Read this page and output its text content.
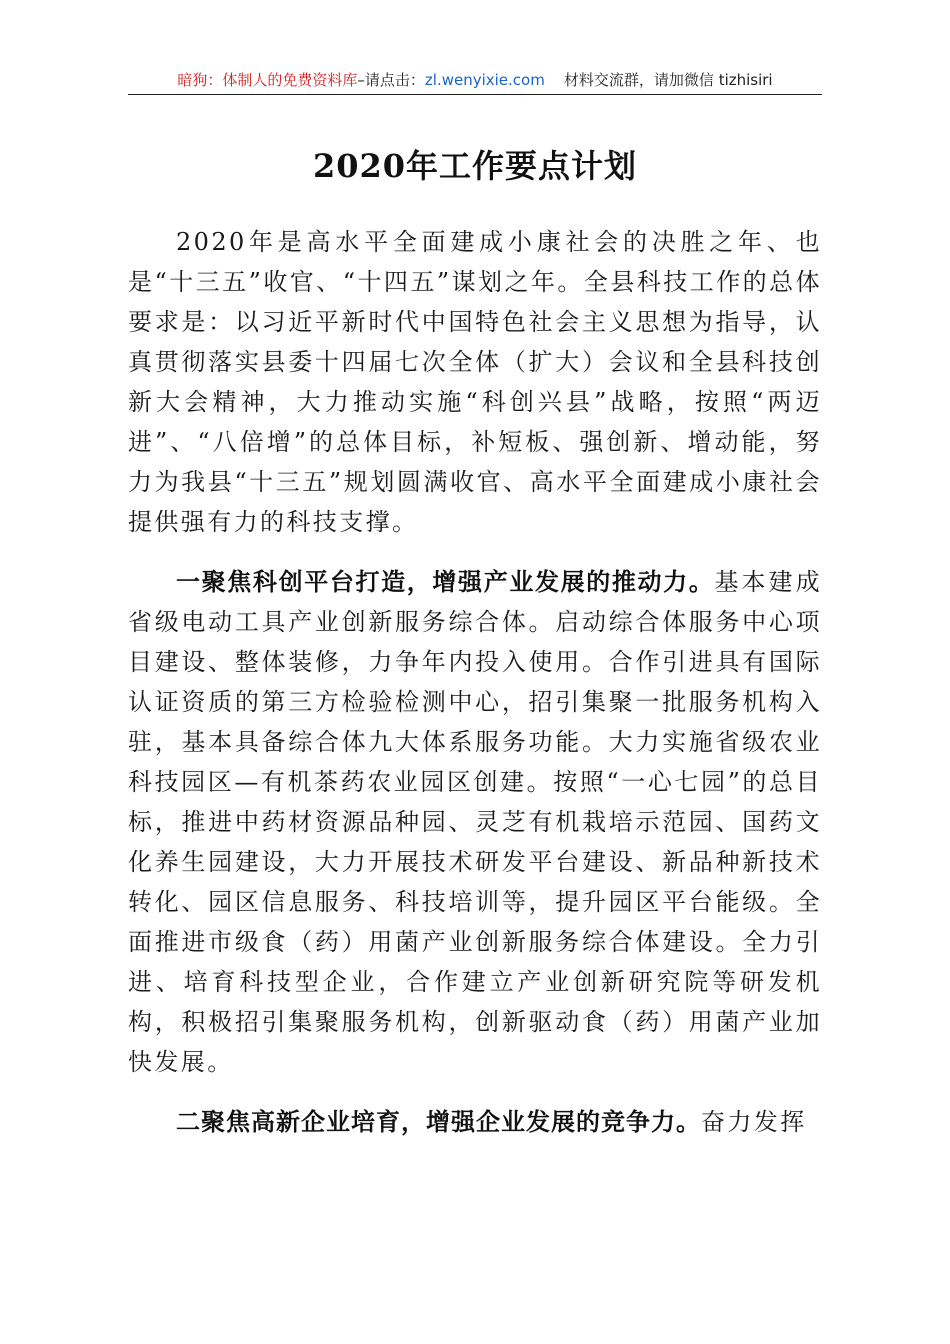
暗狗：体制人的免费资料库–请点击：zl.wenyixie.com 材料交流群，请加微信 tizhisiri
2020年工作要点计划

2020年是高水平全面建成小康社会的决胜之年、也是“十三五”收官、“十四五”谋划之年。全县科技工作的总体要求是：以习近平新时代中国特色社会主义思想为指导，认真贯彻落实县委十四届七次全体（扩大）会议和全县科技创新大会精神，大力推动实施“科创兴县”战略，按照“两迈进”、“八倍增”的总体目标，补短板、强创新、增动能，努力为我县“十三五”规划圆满收官、高水平全面建成小康社会提供强有力的科技支撑。

一聚焦科创平台打造，增强产业发展的推动力。基本建成省级电动工具产业创新服务综合体。启动综合体服务中心项目建设、整体装修，力争年内投入使用。合作引进具有国际认证资质的第三方检验检测中心，招引集聚一批服务机构入驻，基本具备综合体九大体系服务功能。大力实施省级农业科技园区—有机茶药农业园区创建。按照“一心七园”的总目标，推进中药材资源品种园、灵芝有机栽培示范园、国药文化养生园建设，大力开展技术研发平台建设、新品种新技术转化、园区信息服务、科技培训等，提升园区平台能级。全面推进市级食（药）用菌产业创新服务综合体建设。全力引进、培育科技型企业，合作建立产业创新研究院等研发机构，积极招引集聚服务机构，创新驱动食（药）用菌产业加快发展。

二聚焦高新企业培育，增强企业发展的竞争力。奋力发挥
